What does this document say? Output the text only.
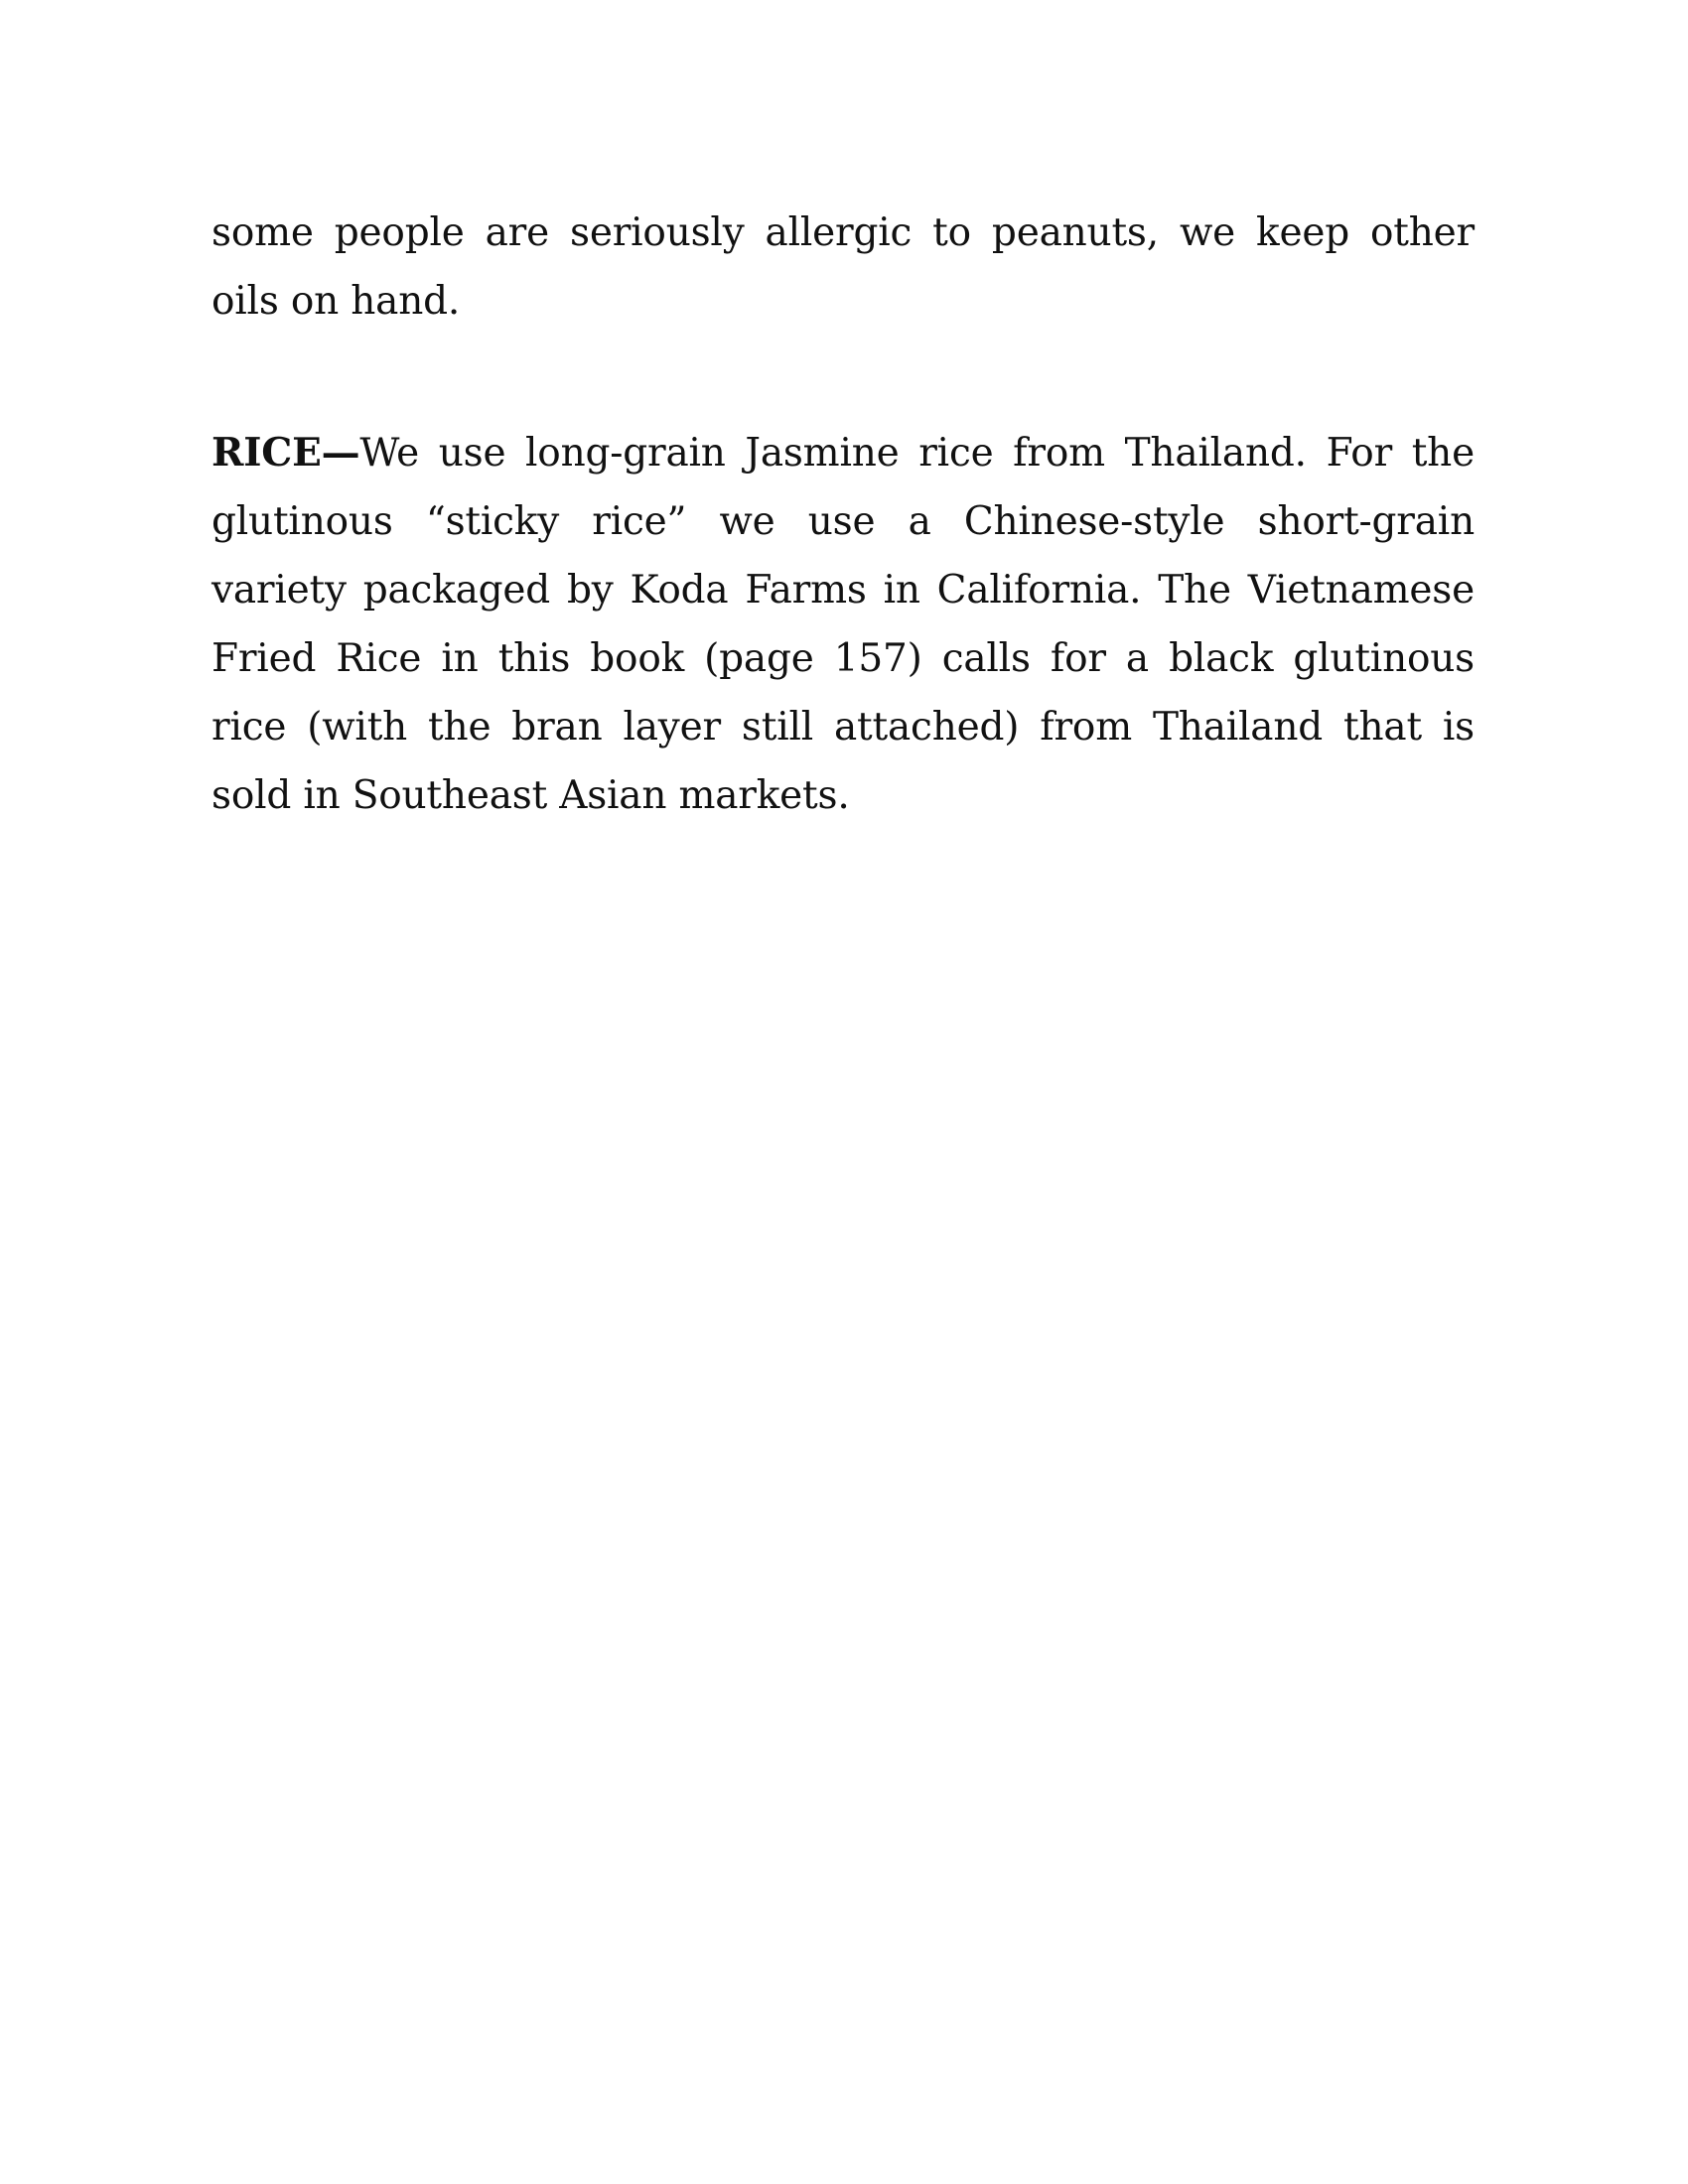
some people are seriously allergic to peanuts, we keep other oils on hand.

RICE—We use long-grain Jasmine rice from Thailand. For the glutinous “sticky rice” we use a Chinese-style short-grain variety packaged by Koda Farms in California. The Vietnamese Fried Rice in this book (page 157) calls for a black glutinous rice (with the bran layer still attached) from Thailand that is sold in Southeast Asian markets.
